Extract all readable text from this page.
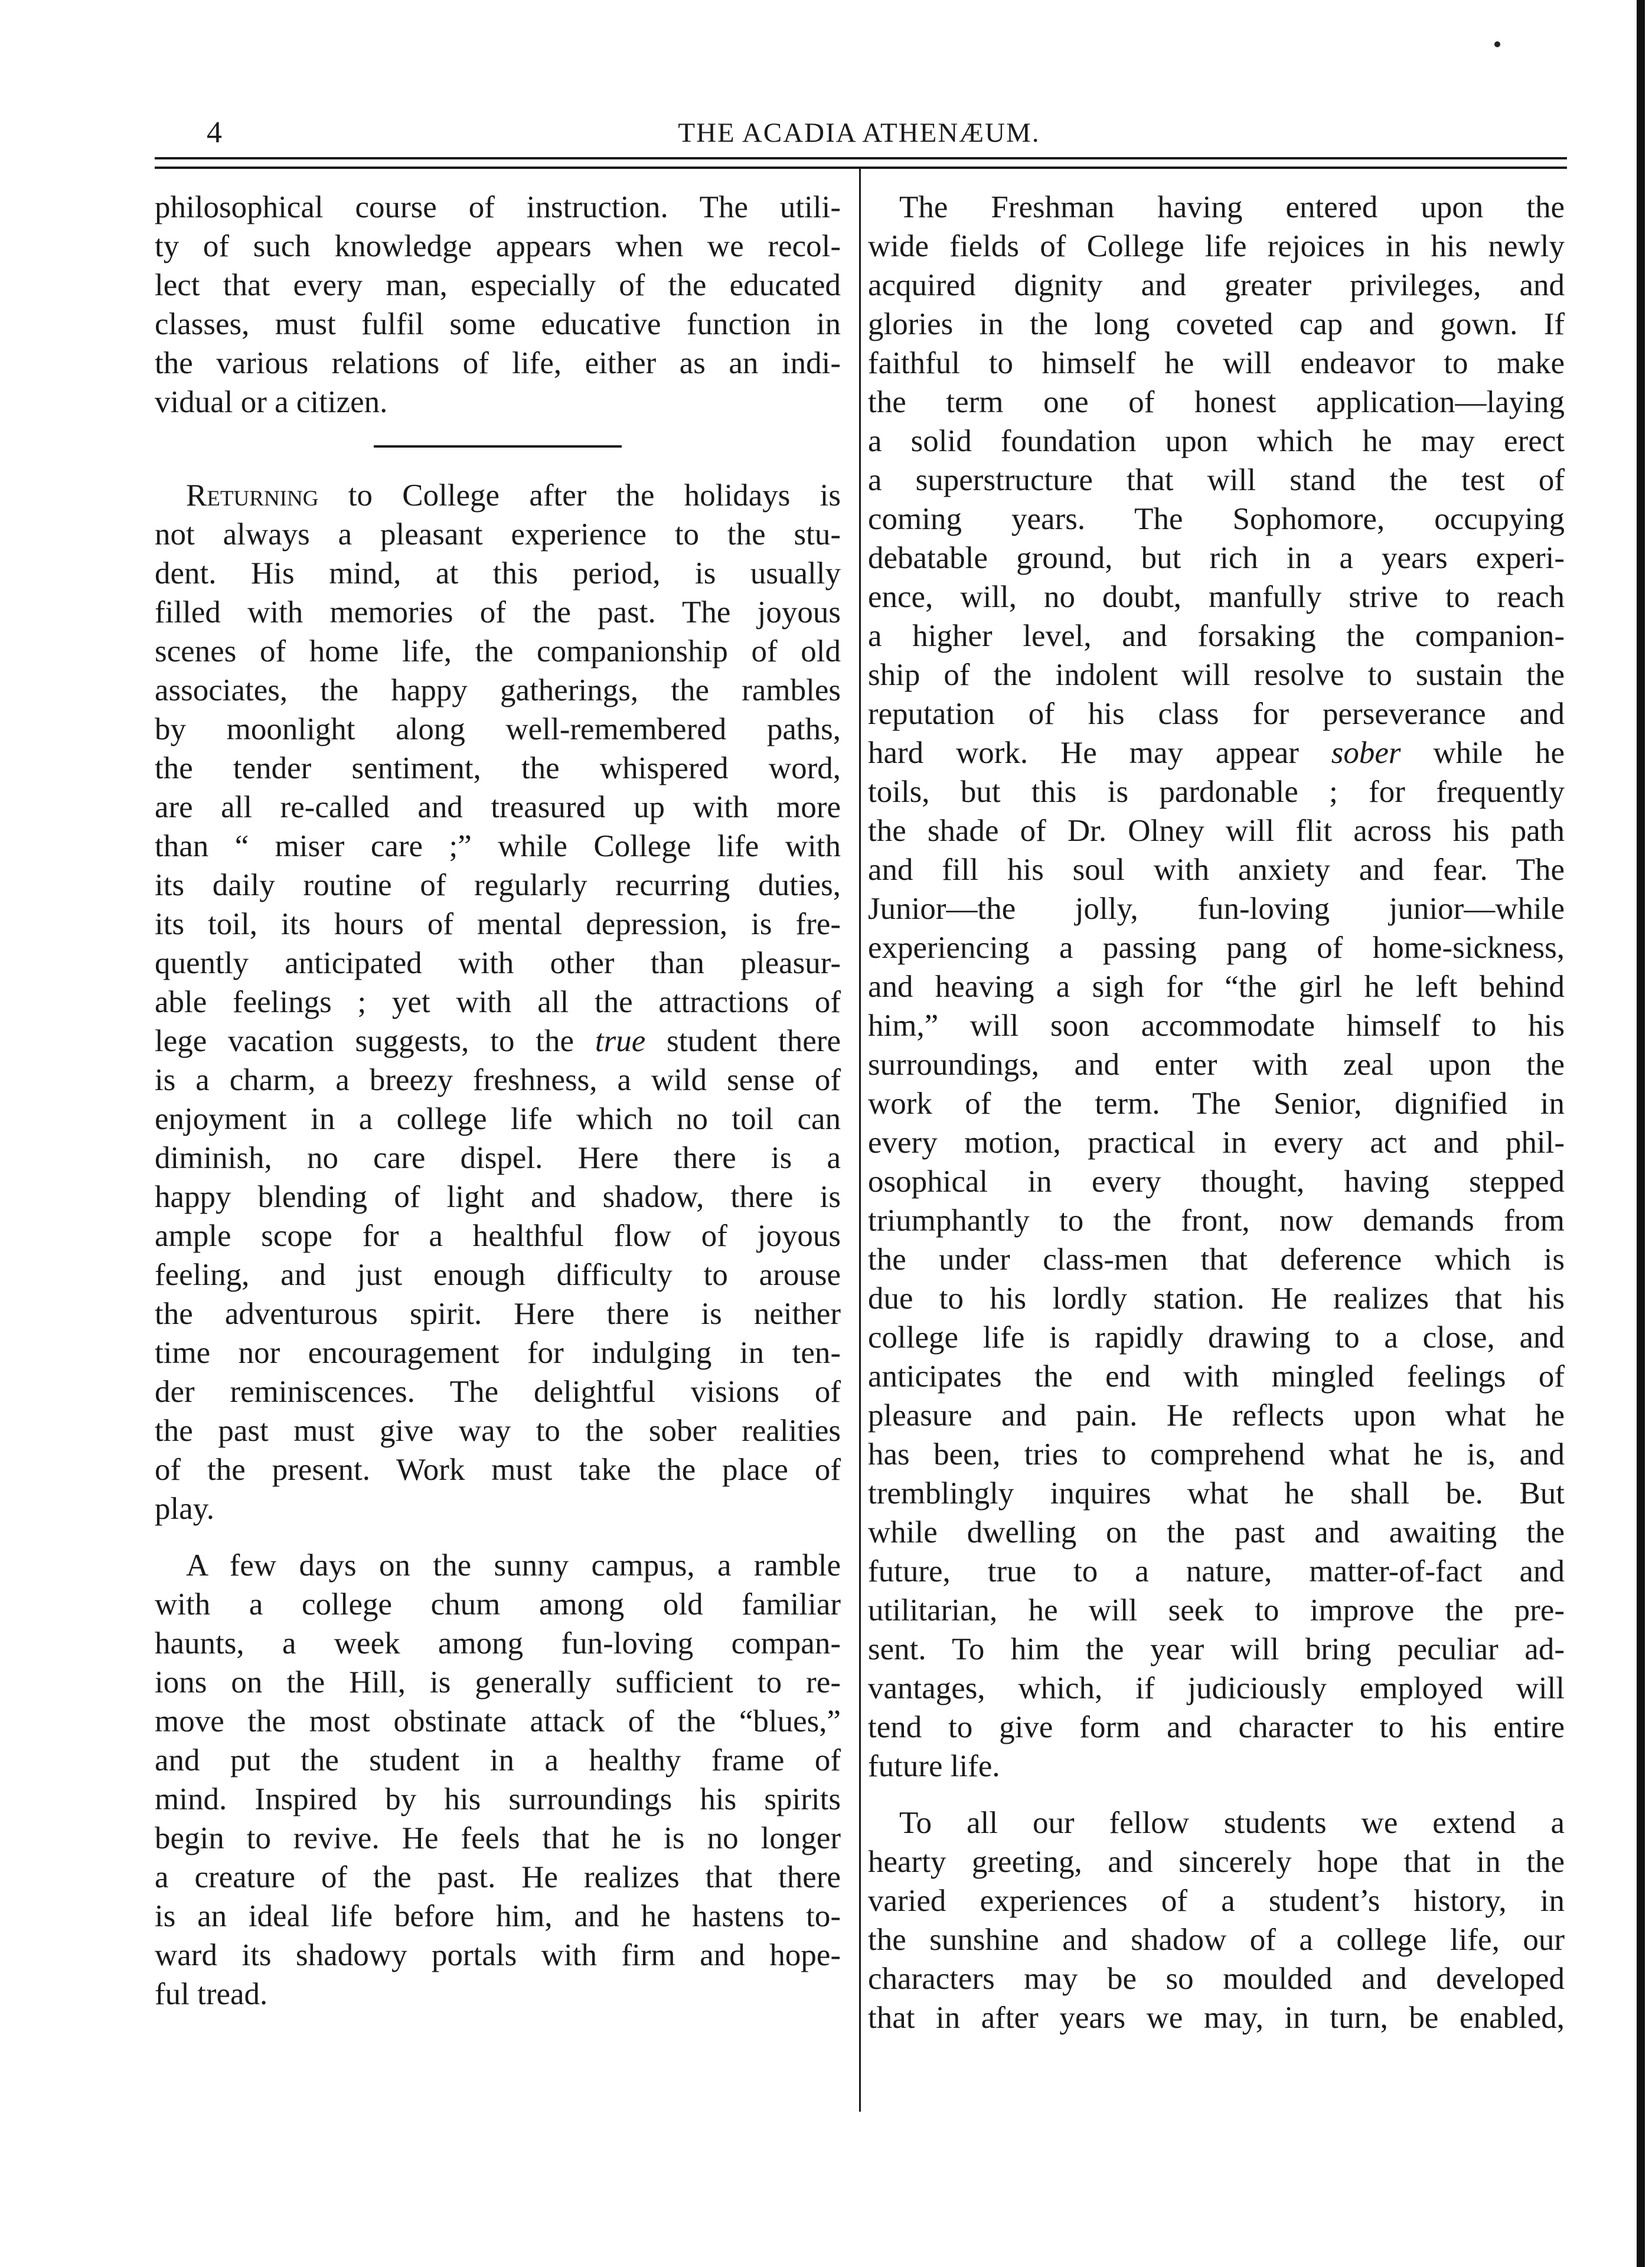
4	THE ACADIA ATHENÆUM.

philosophical course of instruction. The utili-
ty of such knowledge appears when we recol-
lect that every man, especially of the educated
classes, must fulfil some educative function in
the various relations of life, either as an indi-
vidual or a citizen.

 Returning to College after the holidays is
not always a pleasant experience to the stu-
dent. His mind, at this period, is usually
filled with memories of the past. The joyous
scenes of home life, the companionship of old
associates, the happy gatherings, the rambles
by moonlight along well-remembered paths,
the tender sentiment, the whispered word,
are all re-called and treasured up with more
than “ miser care ;” while College life with
its daily routine of regularly recurring duties,
its toil, its hours of mental depression, is fre-
quently anticipated with other than pleasur-
able feelings ; yet with all the attractions of
lege vacation suggests, to the true student there
is a charm, a breezy freshness, a wild sense of
enjoyment in a college life which no toil can
diminish, no care dispel. Here there is a
happy blending of light and shadow, there is
ample scope for a healthful flow of joyous
feeling, and just enough difficulty to arouse
the adventurous spirit. Here there is neither
time nor encouragement for indulging in ten-
der reminiscences. The delightful visions of
the past must give way to the sober realities
of the present. Work must take the place of
play.

 A few days on the sunny campus, a ramble
with a college chum among old familiar
haunts, a week among fun-loving compan-
ions on the Hill, is generally sufficient to re-
move the most obstinate attack of the “blues,”
and put the student in a healthy frame of
mind. Inspired by his surroundings his spirits
begin to revive. He feels that he is no longer
a creature of the past. He realizes that there
is an ideal life before him, and he hastens to-
ward its shadowy portals with firm and hope-
ful tread.

 The Freshman having entered upon the
wide fields of College life rejoices in his newly
acquired dignity and greater privileges, and
glories in the long coveted cap and gown. If
faithful to himself he will endeavor to make
the term one of honest application—laying
a solid foundation upon which he may erect
a superstructure that will stand the test of
coming years. The Sophomore, occupying
debatable ground, but rich in a years experi-
ence, will, no doubt, manfully strive to reach
a higher level, and forsaking the companion-
ship of the indolent will resolve to sustain the
reputation of his class for perseverance and
hard work. He may appear sober while he
toils, but this is pardonable ; for frequently
the shade of Dr. Olney will flit across his path
and fill his soul with anxiety and fear. The
Junior—the jolly, fun-loving junior—while
experiencing a passing pang of home-sickness,
and heaving a sigh for “the girl he left behind
him,” will soon accommodate himself to his
surroundings, and enter with zeal upon the
work of the term. The Senior, dignified in
every motion, practical in every act and phil-
osophical in every thought, having stepped
triumphantly to the front, now demands from
the under class-men that deference which is
due to his lordly station. He realizes that his
college life is rapidly drawing to a close, and
anticipates the end with mingled feelings of
pleasure and pain. He reflects upon what he
has been, tries to comprehend what he is, and
tremblingly inquires what he shall be. But
while dwelling on the past and awaiting the
future, true to a nature, matter-of-fact and
utilitarian, he will seek to improve the pre-
sent. To him the year will bring peculiar ad-
vantages, which, if judiciously employed will
tend to give form and character to his entire
future life.

 To all our fellow students we extend a
hearty greeting, and sincerely hope that in the
varied experiences of a student’s history, in
the sunshine and shadow of a college life, our
characters may be so moulded and developed
that in after years we may, in turn, be enabled,
